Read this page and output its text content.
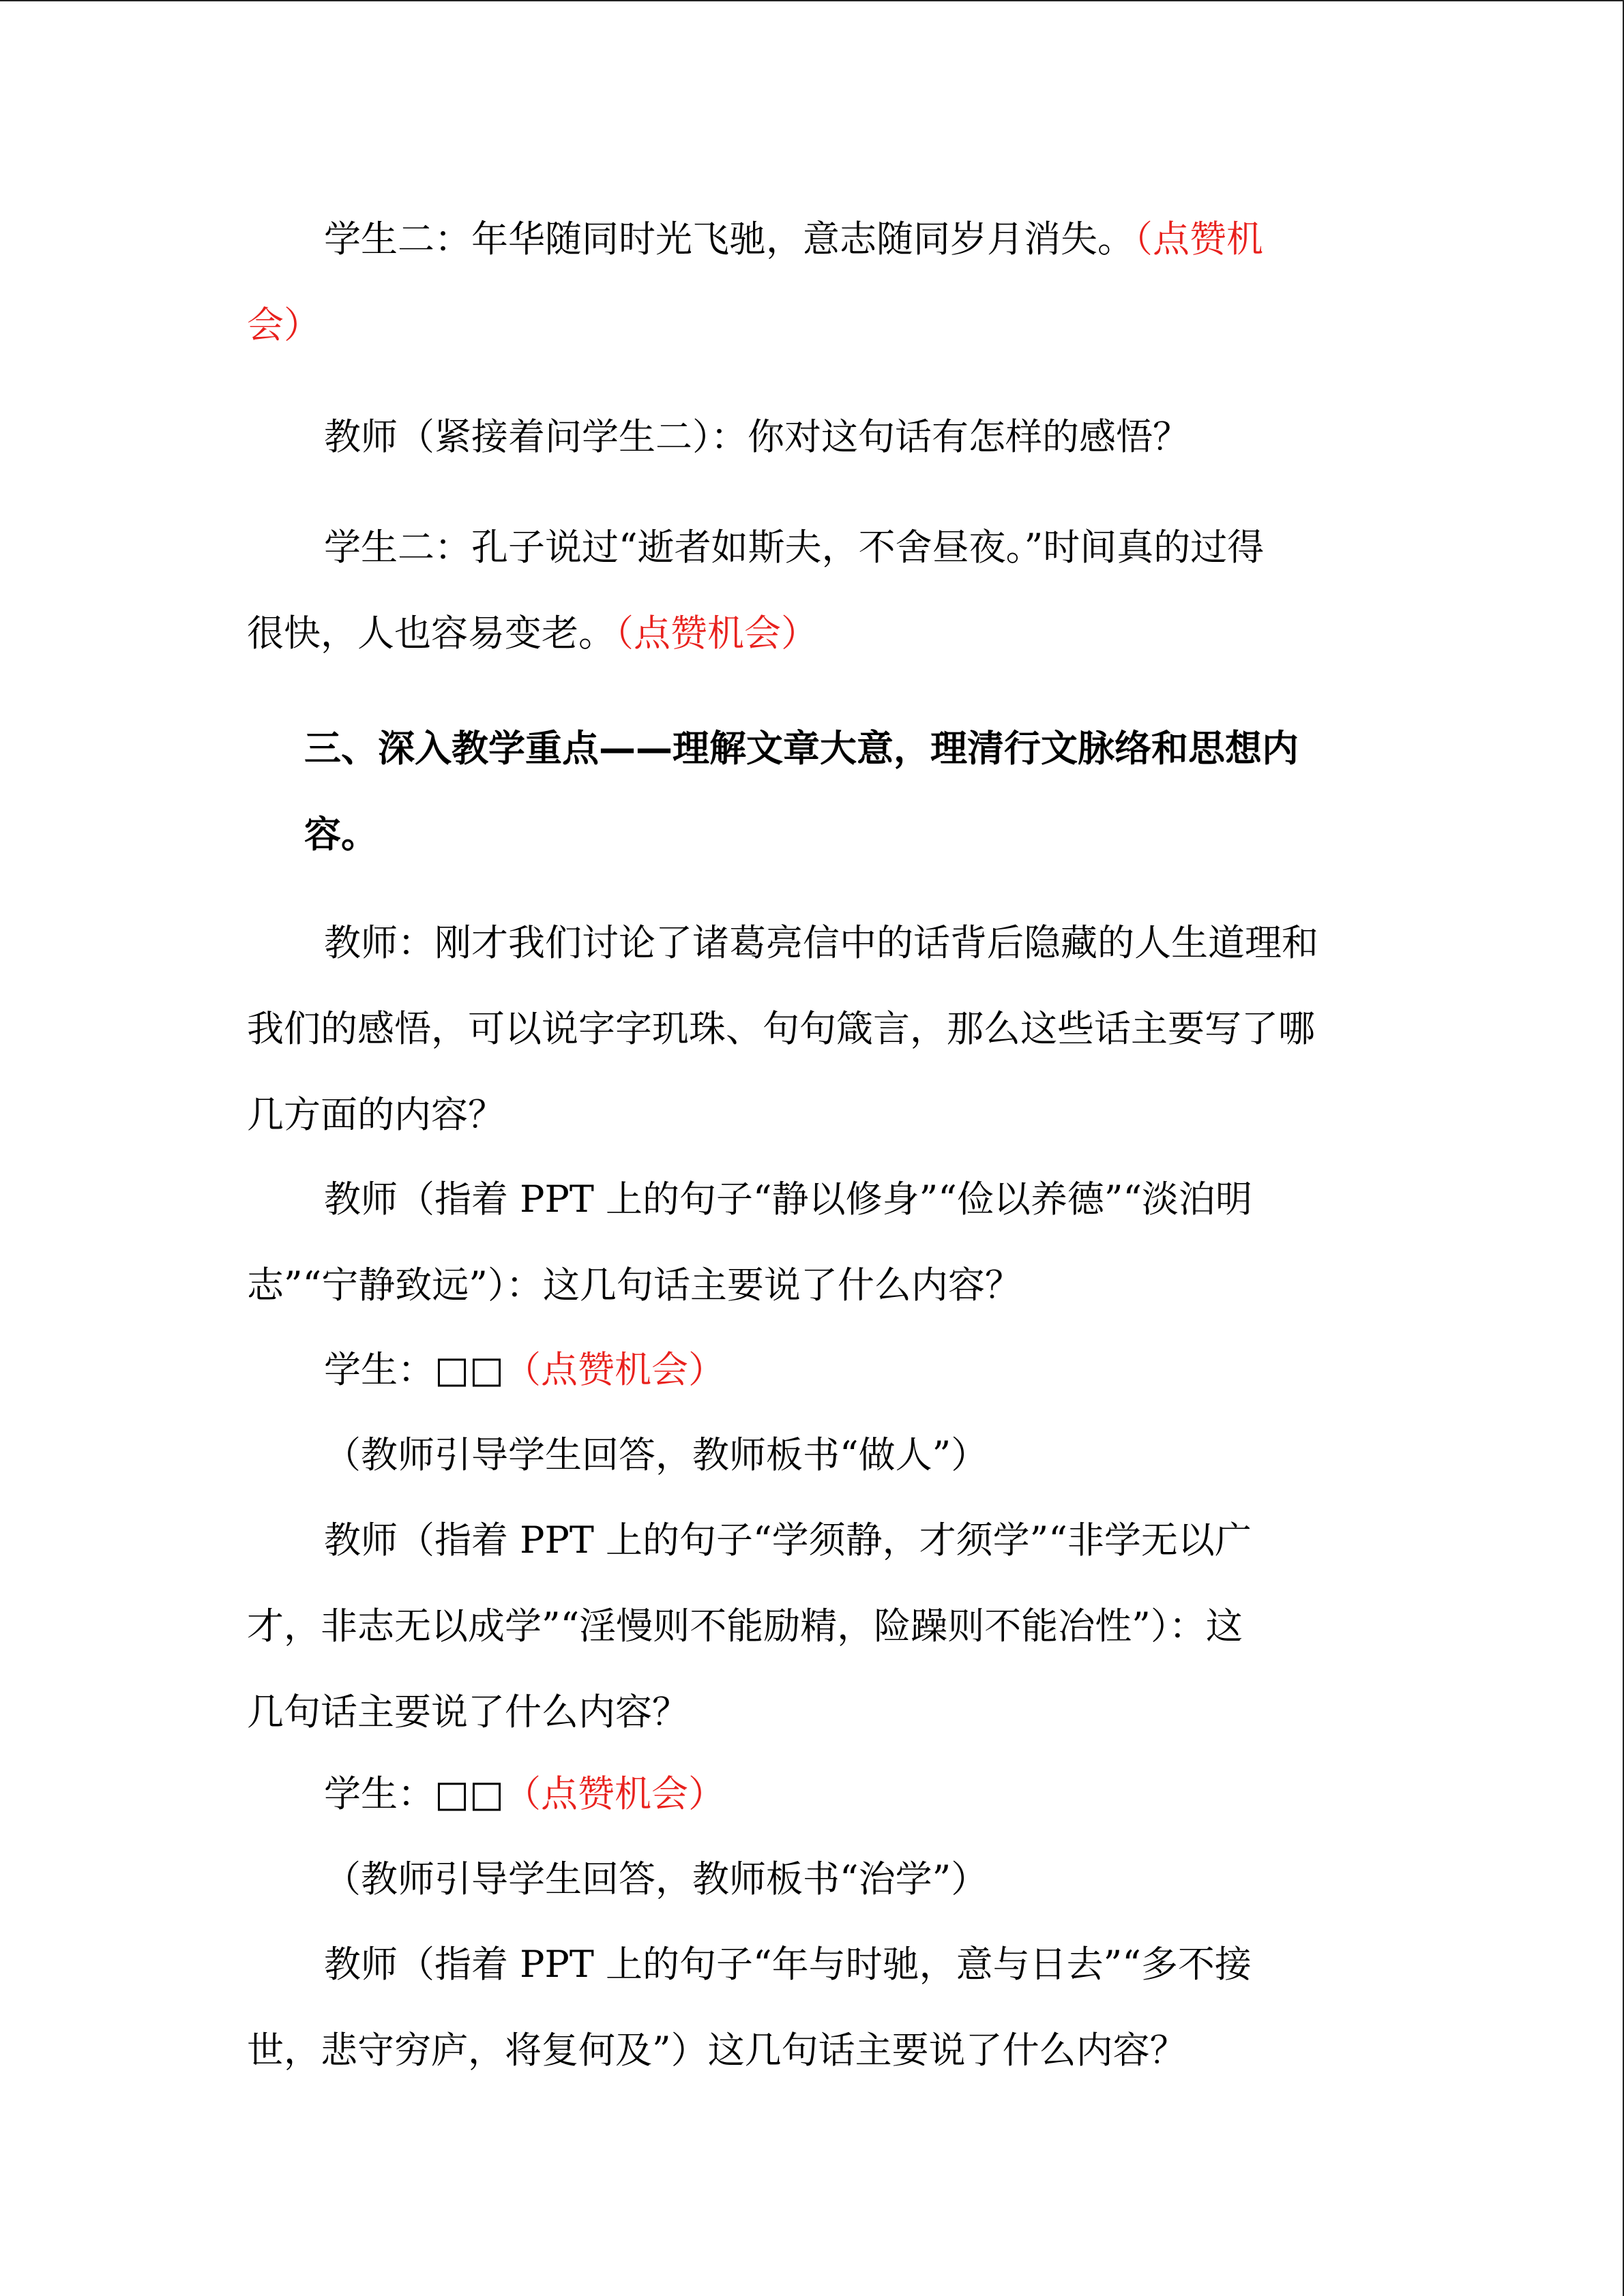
学生二：年华随同时光飞驰，意志随同岁月消失。（点赞机
会）
教师（紧接着问学生二）：你对这句话有怎样的感悟？
学生二：孔子说过“逝者如斯夫，不舍昼夜。”时间真的过得
很快，人也容易变老。（点赞机会）
三、深入教学重点——理解文章大意，理清行文脉络和思想内
容。
教师：刚才我们讨论了诸葛亮信中的话背后隐藏的人生道理和
我们的感悟，可以说字字玑珠、句句箴言，那么这些话主要写了哪
几方面的内容？
教师（指着 PPT 上的句子“静以修身”“俭以养德”“淡泊明
志”“宁静致远”）：这几句话主要说了什么内容？
学生：□□（点赞机会）
（教师引导学生回答，教师板书“做人”）
教师（指着 PPT 上的句子“学须静，才须学”“非学无以广
才，非志无以成学”“淫慢则不能励精，险躁则不能冶性”）：这
几句话主要说了什么内容？
学生：□□（点赞机会）
（教师引导学生回答，教师板书“治学”）
教师（指着 PPT 上的句子“年与时驰，意与日去”“多不接
世，悲守穷庐，将复何及”）这几句话主要说了什么内容？
